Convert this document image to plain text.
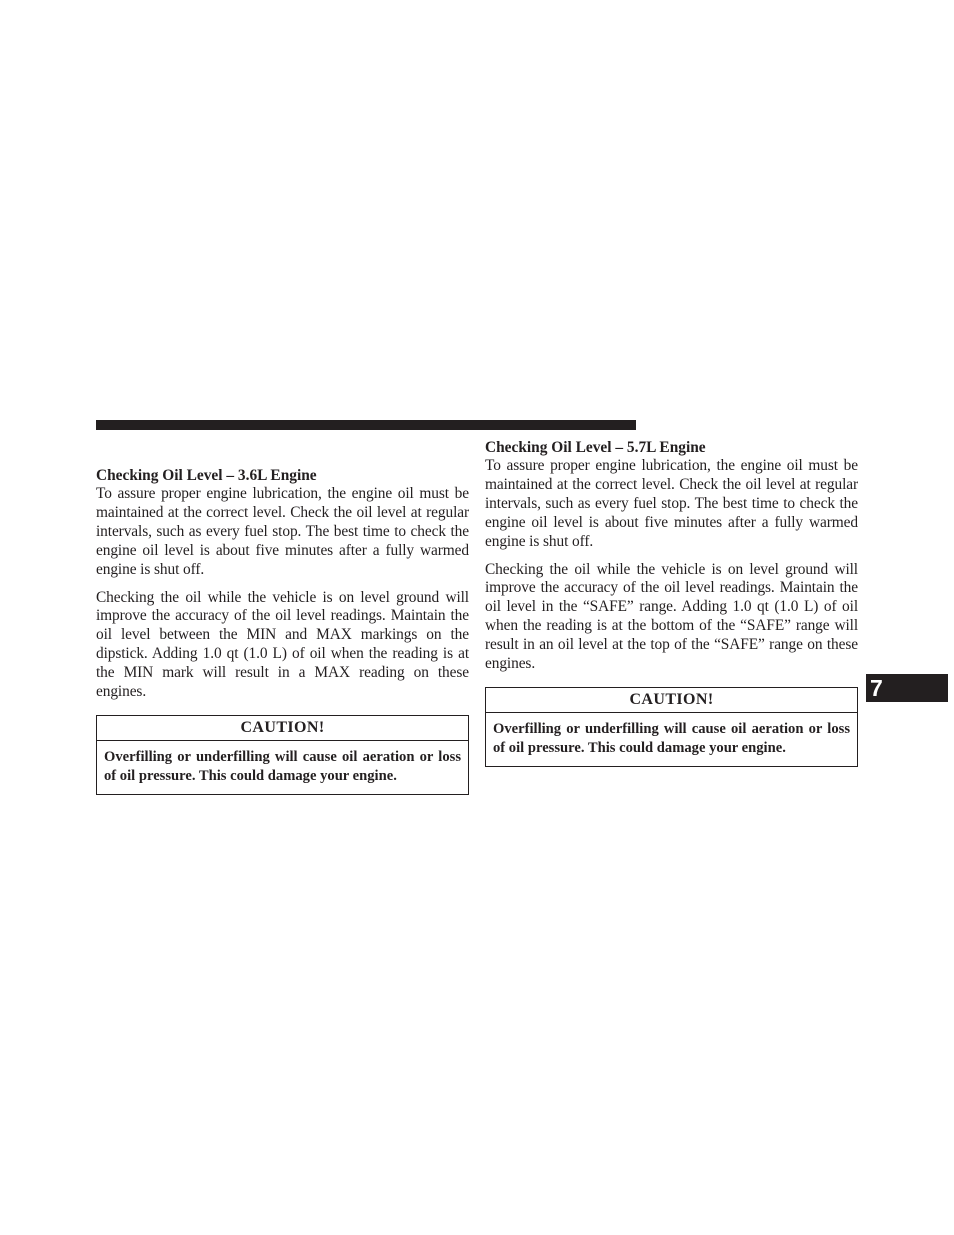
Checking Oil Level – 3.6L Engine

To assure proper engine lubrication, the engine oil must be maintained at the correct level. Check the oil level at regular intervals, such as every fuel stop. The best time to check the engine oil level is about five minutes after a fully warmed engine is shut off.

Checking the oil while the vehicle is on level ground will improve the accuracy of the oil level readings. Maintain the oil level between the MIN and MAX markings on the dipstick. Adding 1.0 qt (1.0 L) of oil when the reading is at the MIN mark will result in a MAX reading on these engines.

CAUTION!
Overfilling or underfilling will cause oil aeration or loss of oil pressure. This could damage your engine.

Checking Oil Level – 5.7L Engine

To assure proper engine lubrication, the engine oil must be maintained at the correct level. Check the oil level at regular intervals, such as every fuel stop. The best time to check the engine oil level is about five minutes after a fully warmed engine is shut off.

Checking the oil while the vehicle is on level ground will improve the accuracy of the oil level readings. Maintain the oil level in the “SAFE” range. Adding 1.0 qt (1.0 L) of oil when the reading is at the bottom of the “SAFE” range will result in an oil level at the top of the “SAFE” range on these engines.

CAUTION!
Overfilling or underfilling will cause oil aeration or loss of oil pressure. This could damage your engine.
7
